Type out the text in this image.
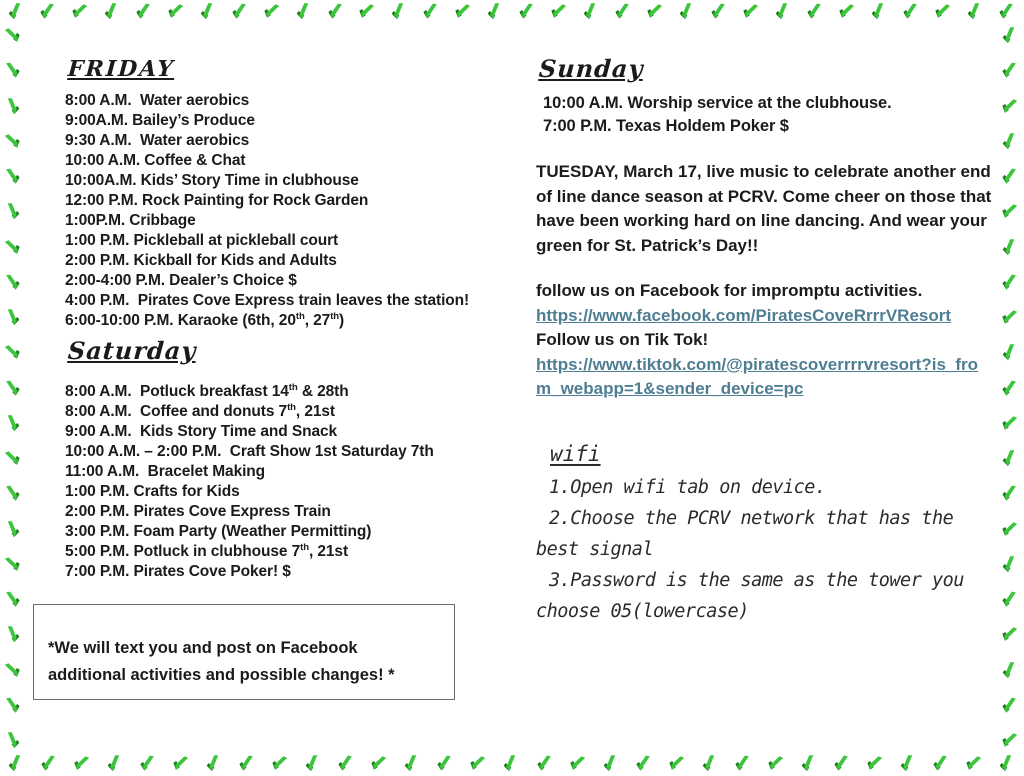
FRIDAY
8:00 A.M.  Water aerobics
9:00A.M. Bailey’s Produce
9:30 A.M.  Water aerobics
10:00 A.M. Coffee & Chat
10:00A.M. Kids’ Story Time in clubhouse
12:00 P.M. Rock Painting for Rock Garden
1:00P.M. Cribbage
1:00 P.M. Pickleball at pickleball court
2:00 P.M. Kickball for Kids and Adults
2:00-4:00 P.M. Dealer’s Choice $
4:00 P.M.  Pirates Cove Express train leaves the station!
6:00-10:00 P.M. Karaoke (6th, 20th, 27th)
Saturday
8:00 A.M.  Potluck breakfast 14th & 28th
8:00 A.M.  Coffee and donuts 7th, 21st
9:00 A.M.  Kids Story Time and Snack
10:00 A.M. – 2:00 P.M.  Craft Show 1st Saturday 7th
11:00 A.M.  Bracelet Making
1:00 P.M. Crafts for Kids
2:00 P.M. Pirates Cove Express Train
3:00 P.M. Foam Party (Weather Permitting)
5:00 P.M. Potluck in clubhouse 7th, 21st
7:00 P.M. Pirates Cove Poker! $

*We will text you and post on Facebook additional activities and possible changes! *

Sunday
10:00 A.M. Worship service at the clubhouse.
7:00 P.M. Texas Holdem Poker $

TUESDAY, March 17, live music to celebrate another end of line dance season at PCRV. Come cheer on those that have been working hard on line dancing. And wear your green for St. Patrick’s Day!!

follow us on Facebook for impromptu activities.

https://www.facebook.com/PiratesCoveRrrrVResort

Follow us on Tik Tok!

https://www.tiktok.com/@piratescoverrrrvresort?is_from_webapp=1&sender_device=pc
wifi
1.Open wifi tab on device.
2.Choose the PCRV network that has the best signal
3.Password is the same as the tower you choose 05(lowercase)
